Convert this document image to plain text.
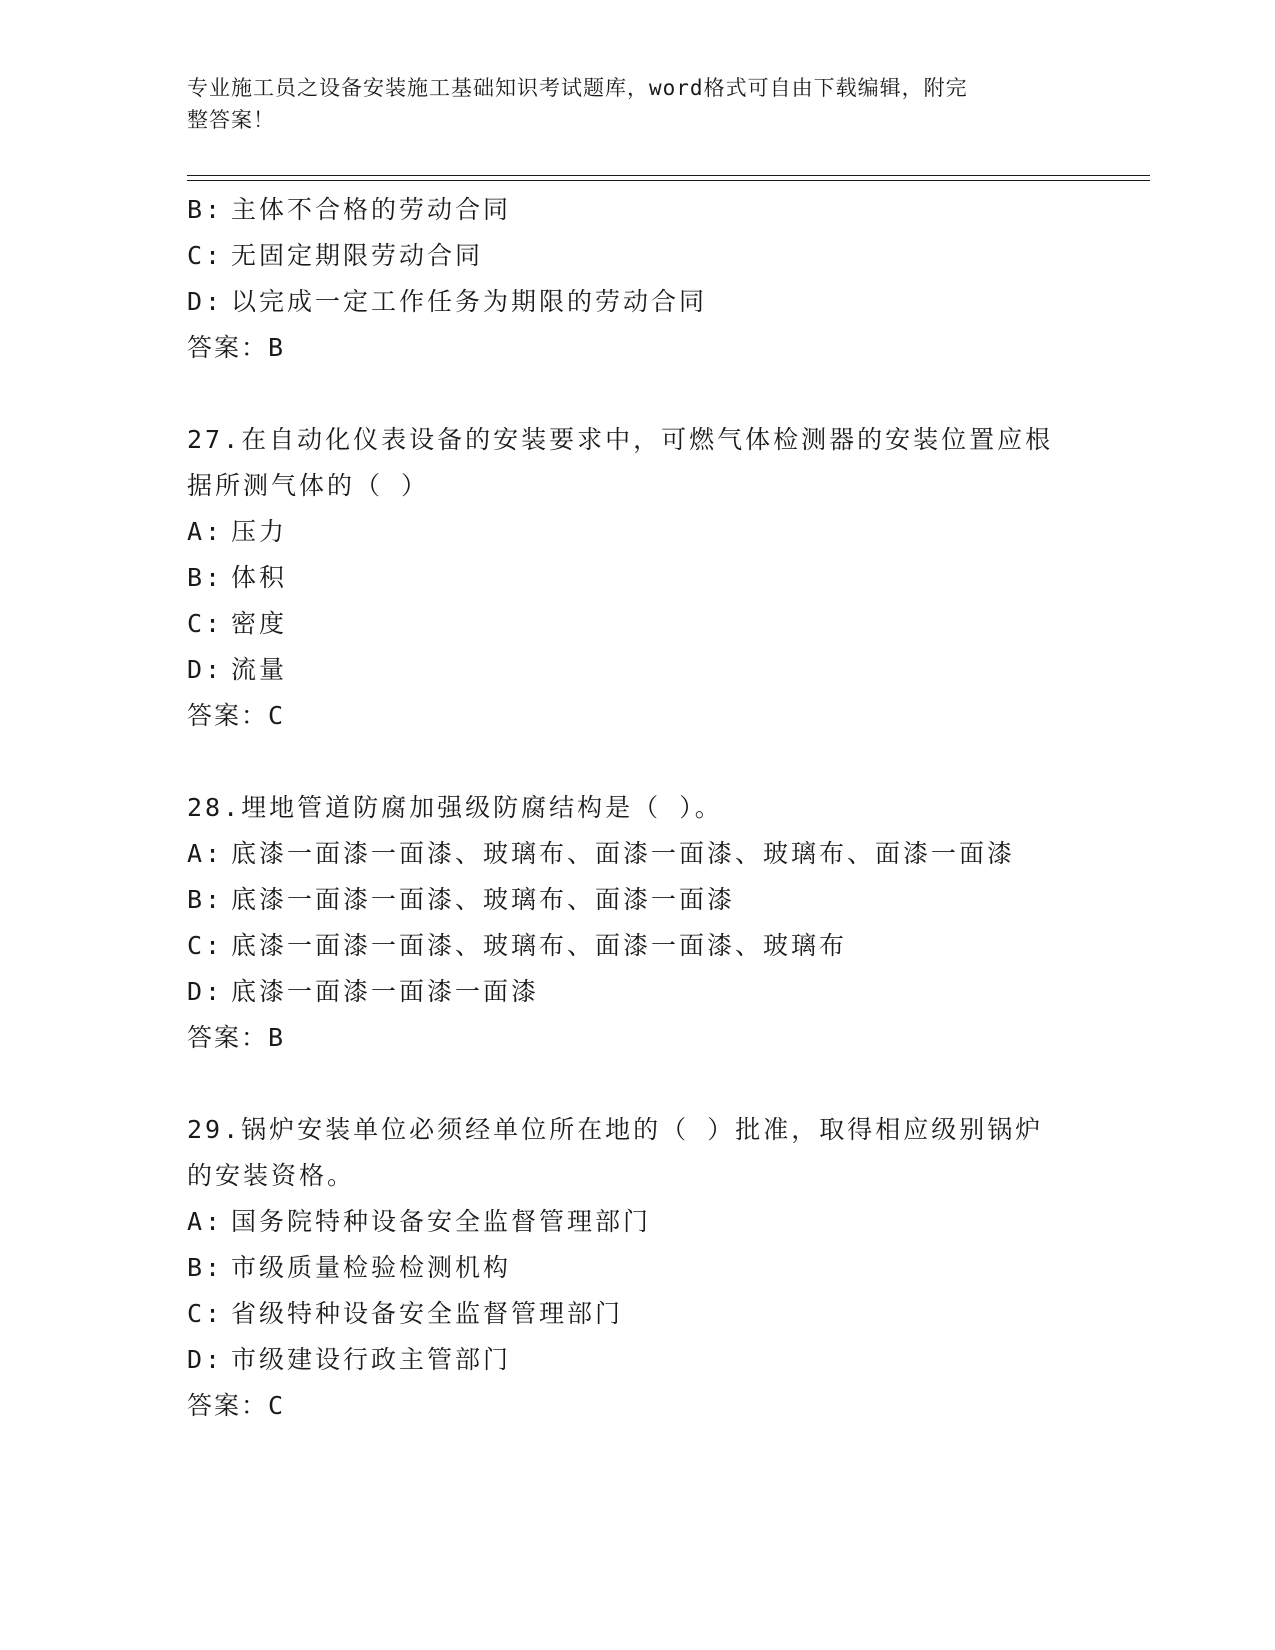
专业施工员之设备安装施工基础知识考试题库，word格式可自由下载编辑，附完
整答案！
B: 主体不合格的劳动合同
C: 无固定期限劳动合同
D: 以完成一定工作任务为期限的劳动合同
答案：B
27.在自动化仪表设备的安装要求中，可燃气体检测器的安装位置应根
据所测气体的（ ）
A: 压力
B: 体积
C: 密度
D: 流量
答案：C
28.埋地管道防腐加强级防腐结构是（ ）。
A: 底漆一面漆一面漆、玻璃布、面漆一面漆、玻璃布、面漆一面漆
B: 底漆一面漆一面漆、玻璃布、面漆一面漆
C: 底漆一面漆一面漆、玻璃布、面漆一面漆、玻璃布
D: 底漆一面漆一面漆一面漆
答案：B
29.锅炉安装单位必须经单位所在地的（ ）批准，取得相应级别锅炉
的安装资格。
A: 国务院特种设备安全监督管理部门
B: 市级质量检验检测机构
C: 省级特种设备安全监督管理部门
D: 市级建设行政主管部门
答案：C
